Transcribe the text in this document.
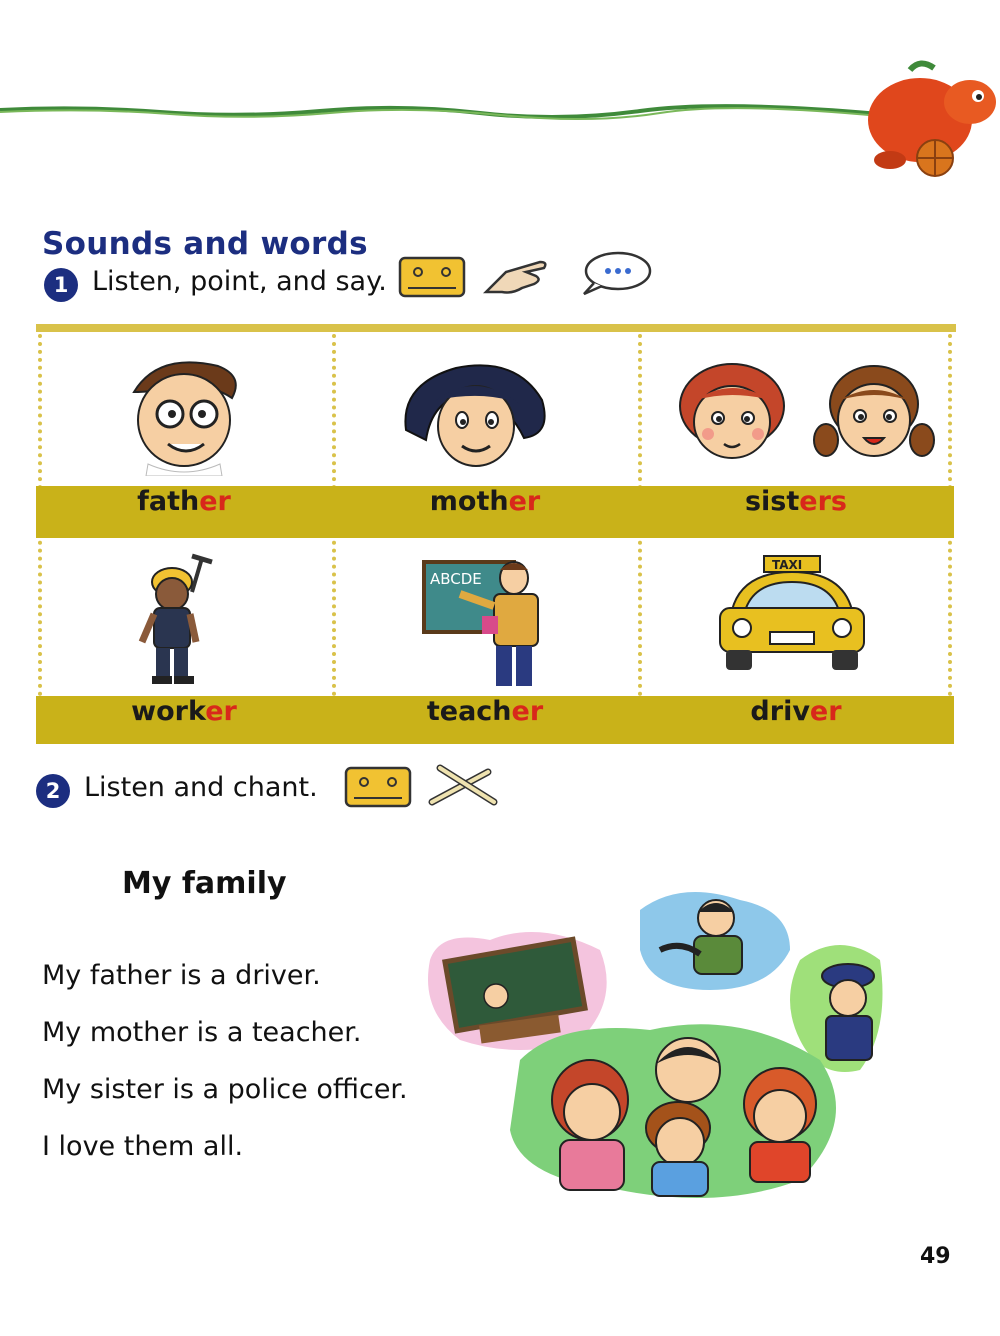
Sounds and words
1 Listen, point, and say.
father	mother	sisters
worker
ABCDE
teacher
TAXI
driver
2 Listen and chant.
My family
My father is a driver.
My mother is a teacher.
My sister is a police officer.
I love them all.
49
